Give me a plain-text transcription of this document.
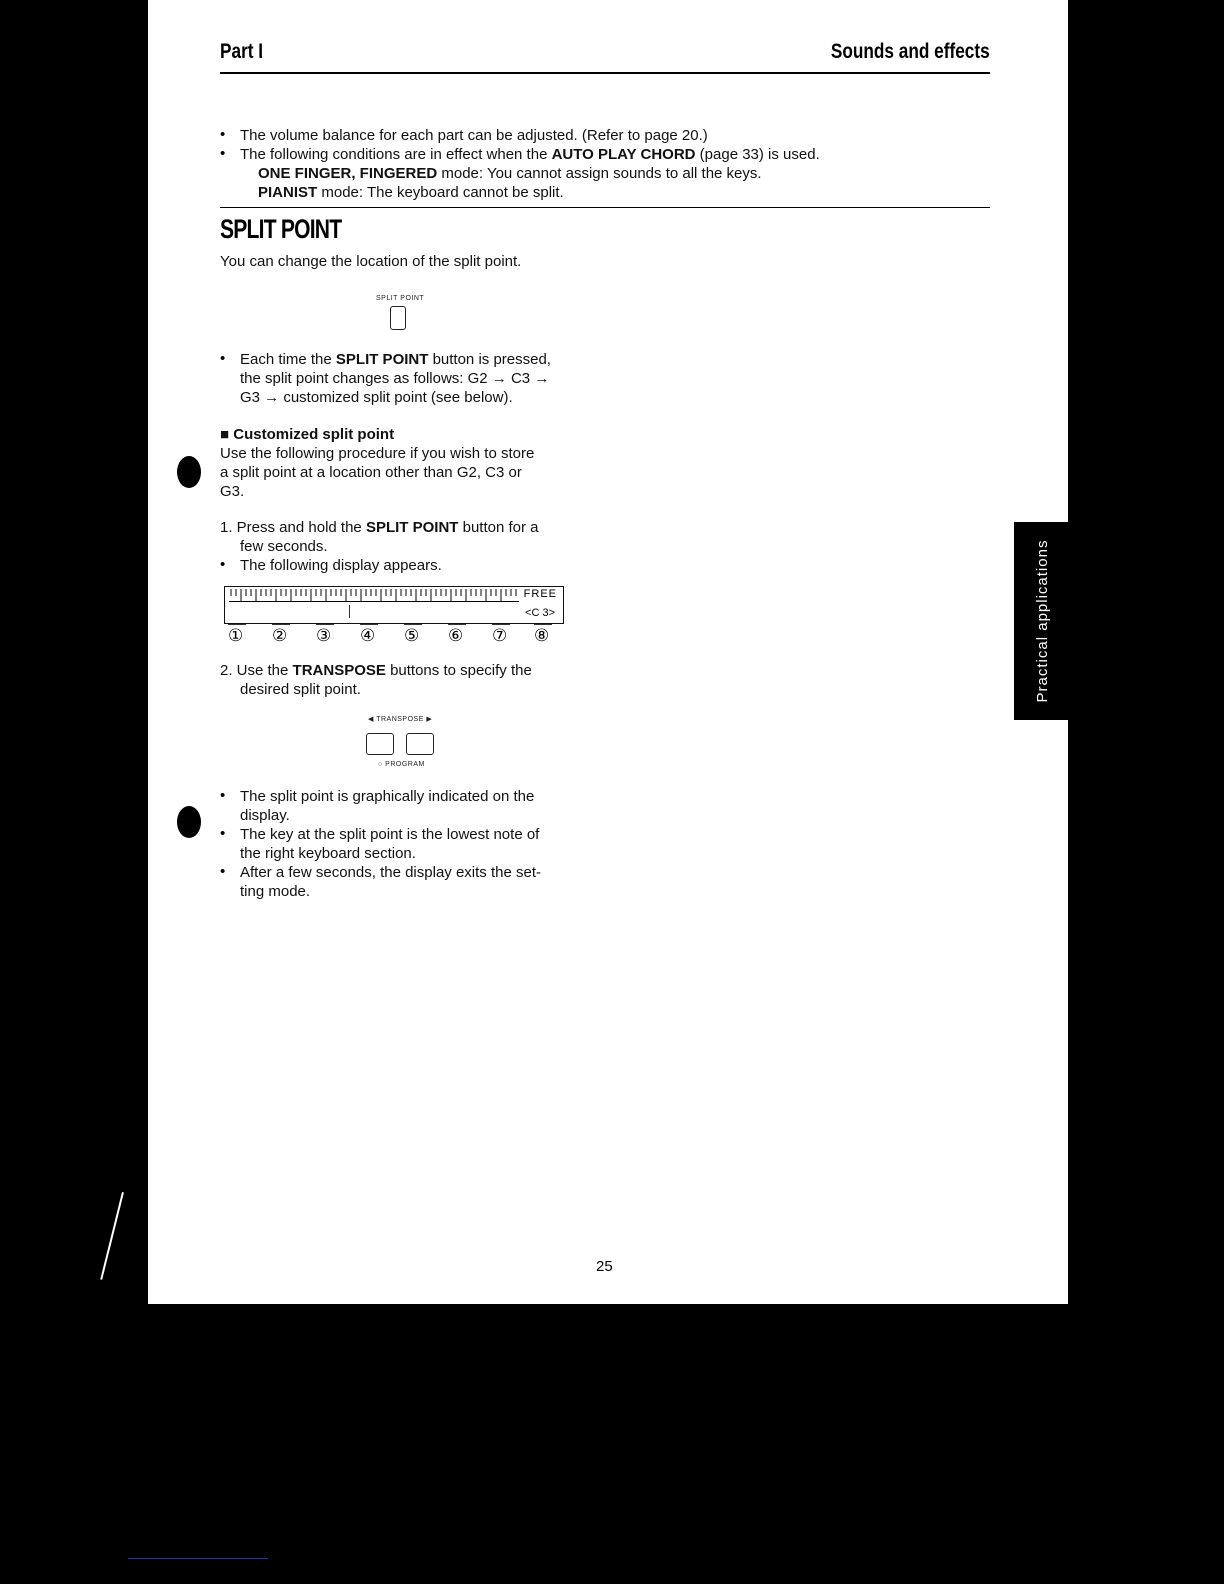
Part I	Sounds and effects
• The volume balance for each part can be adjusted. (Refer to page 20.)
• The following conditions are in effect when the AUTO PLAY CHORD (page 33) is used.
ONE FINGER, FINGERED mode: You cannot assign sounds to all the keys.
PIANIST mode: The keyboard cannot be split.
SPLIT POINT
You can change the location of the split point.
SPLIT POINT
• Each time the SPLIT POINT button is pressed,
the split point changes as follows: G2 → C3 →
G3 → customized split point (see below).
■ Customized split point
Use the following procedure if you wish to store
a split point at a location other than G2, C3 or
G3.
1. Press and hold the SPLIT POINT button for a
few seconds.
• The following display appears.
FREE
<C 3>
① ② ③ ④ ⑤ ⑥ ⑦ ⑧
2. Use the TRANSPOSE buttons to specify the
desired split point.
◀ TRANSPOSE ▶
○ PROGRAM
• The split point is graphically indicated on the
display.
• The key at the split point is the lowest note of
the right keyboard section.
• After a few seconds, the display exits the set-
ting mode.
25
Practical applications
